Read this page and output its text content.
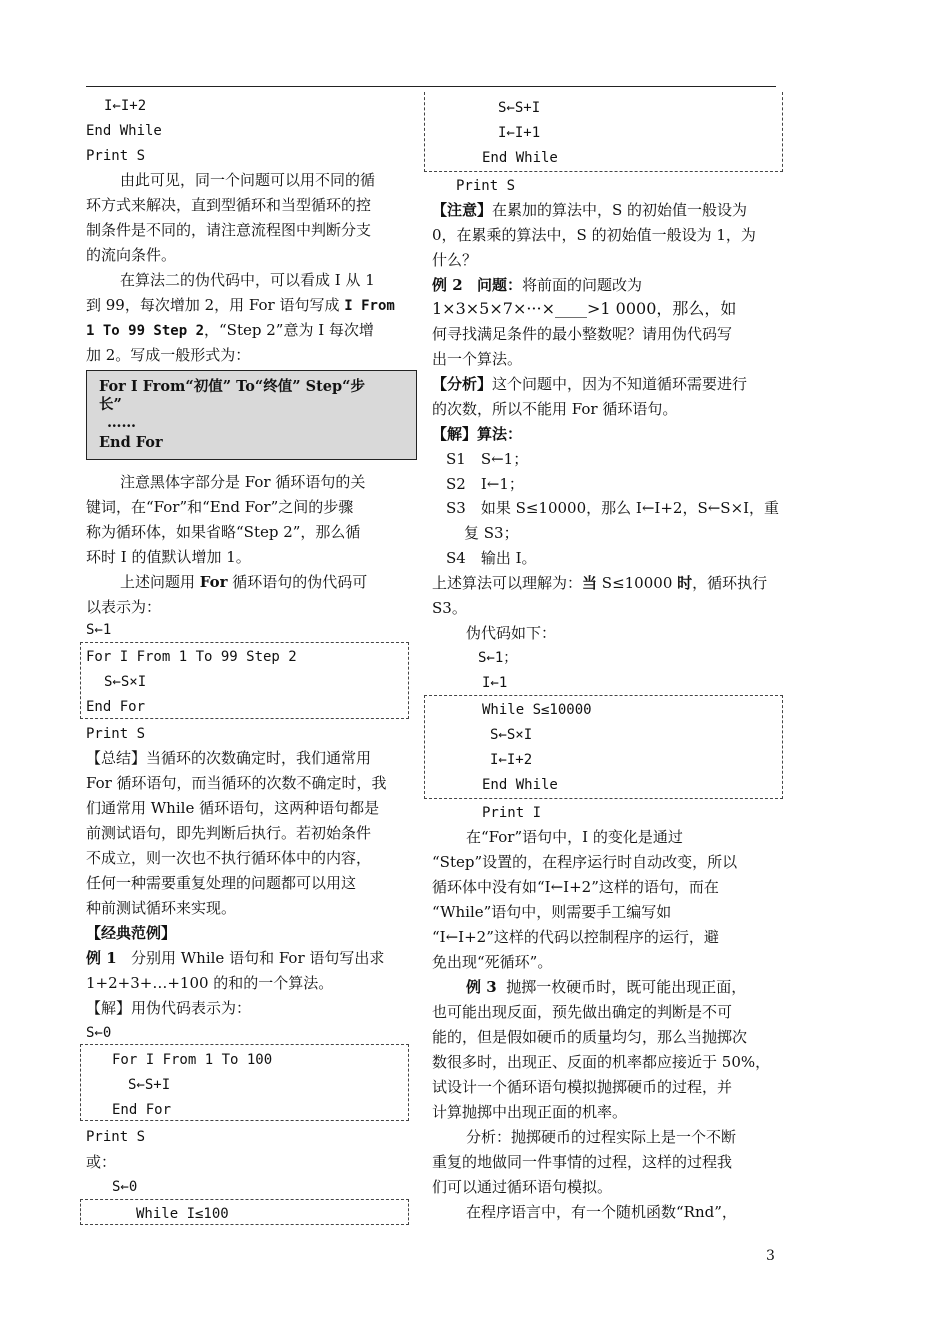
I←I+2
End While
Print S
由此可见，同一个问题可以用不同的循
环方式来解决，直到型循环和当型循环的控
制条件是不同的，请注意流程图中判断分支
的流向条件。
在算法二的伪代码中，可以看成 I 从 1
到 99，每次增加 2，用 For 语句写成 I From
1 To 99 Step 2，“Step 2”意为 I 每次增
加 2。写成一般形式为：
For I From“初值” To“终值” Step“步
长”
……
End For
注意黑体字部分是 For 循环语句的关
键词，在“For”和“End For”之间的步骤
称为循环体，如果省略“Step 2”，那么循
环时 I 的值默认增加 1。
上述问题用 For 循环语句的伪代码可
以表示为：
S←1
For I From 1 To 99 Step 2
S←S×I
End For
Print S
【总结】当循环的次数确定时，我们通常用
For 循环语句，而当循环的次数不确定时，我
们通常用 While 循环语句，这两种语句都是
前测试语句，即先判断后执行。若初始条件
不成立，则一次也不执行循环体中的内容，
任何一种需要重复处理的问题都可以用这
种前测试循环来实现。
【经典范例】
例 1 分别用 While 语句和 For 语句写出求
1+2+3+…+100 的和的一个算法。
【解】用伪代码表示为：
S←0
For I From 1 To 100
S←S+I
End For
Print S
或：
S←0
While I≤100
S←S+I
I←I+1
End While
Print S
【注意】在累加的算法中，S 的初始值一般设为
0，在累乘的算法中，S 的初始值一般设为 1，为
什么？
例 2 问题：将前面的问题改为
1×3×5×7×···×____>1 0000，那么，如
何寻找满足条件的最小整数呢？请用伪代码写
出一个算法。
【分析】这个问题中，因为不知道循环需要进行
的次数，所以不能用 For 循环语句。
【解】算法：
S1　S←1；
S2　I←1；
S3　如果 S≤10000，那么 I←I+2，S←S×I，重
复 S3；
S4　输出 I。
上述算法可以理解为：当 S≤10000 时，循环执行
S3。
伪代码如下：
S←1；
I←1
While S≤10000
S←S×I
I←I+2
End While
Print I
在“For”语句中，I 的变化是通过
“Step”设置的，在程序运行时自动改变，所以
循环体中没有如“I←I+2”这样的语句，而在
“While”语句中，则需要手工编写如
“I←I+2”这样的代码以控制程序的运行，避
免出现“死循环”。
例 3 抛掷一枚硬币时，既可能出现正面，
也可能出现反面，预先做出确定的判断是不可
能的，但是假如硬币的质量均匀，那么当抛掷次
数很多时，出现正、反面的机率都应接近于 50%，
试设计一个循环语句模拟抛掷硬币的过程，并
计算抛掷中出现正面的机率。
分析：抛掷硬币的过程实际上是一个不断
重复的地做同一件事情的过程，这样的过程我
们可以通过循环语句模拟。
在程序语言中，有一个随机函数“Rnd”，
3
